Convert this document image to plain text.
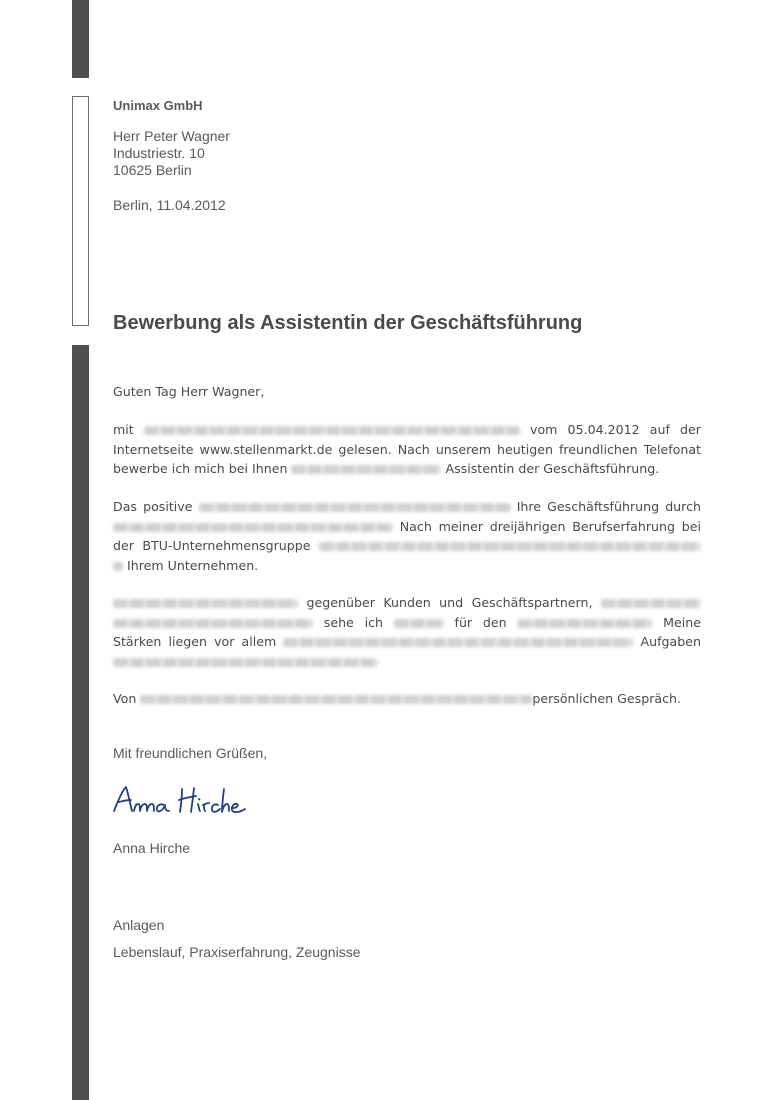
Unimax GmbH
Herr Peter Wagner
Industriestr. 10
10625 Berlin
Berlin, 11.04.2012
Bewerbung als Assistentin der Geschäftsführung
Guten Tag Herr Wagner,
mit	vom 05.04.2012 auf der Internetseite www.stellenmarkt.de gelesen. Nach unserem heutigen freundlichen Telefonat bewerbe ich mich bei Ihnen	Assistentin der Geschäftsführung.
Das positive	Ihre Geschäftsführung durch  Nach meiner dreijährigen Berufserfahrung bei der BTU-Unternehmensgruppe   Ihrem Unternehmen.
gegenüber Kunden und Geschäftspartnern,   sehe ich	für den	Meine Stärken liegen vor allem	Aufgaben
Von	persönlichen Gespräch.
Mit freundlichen Grüßen,
Anna Hirche
Anlagen
Lebenslauf, Praxiserfahrung, Zeugnisse
